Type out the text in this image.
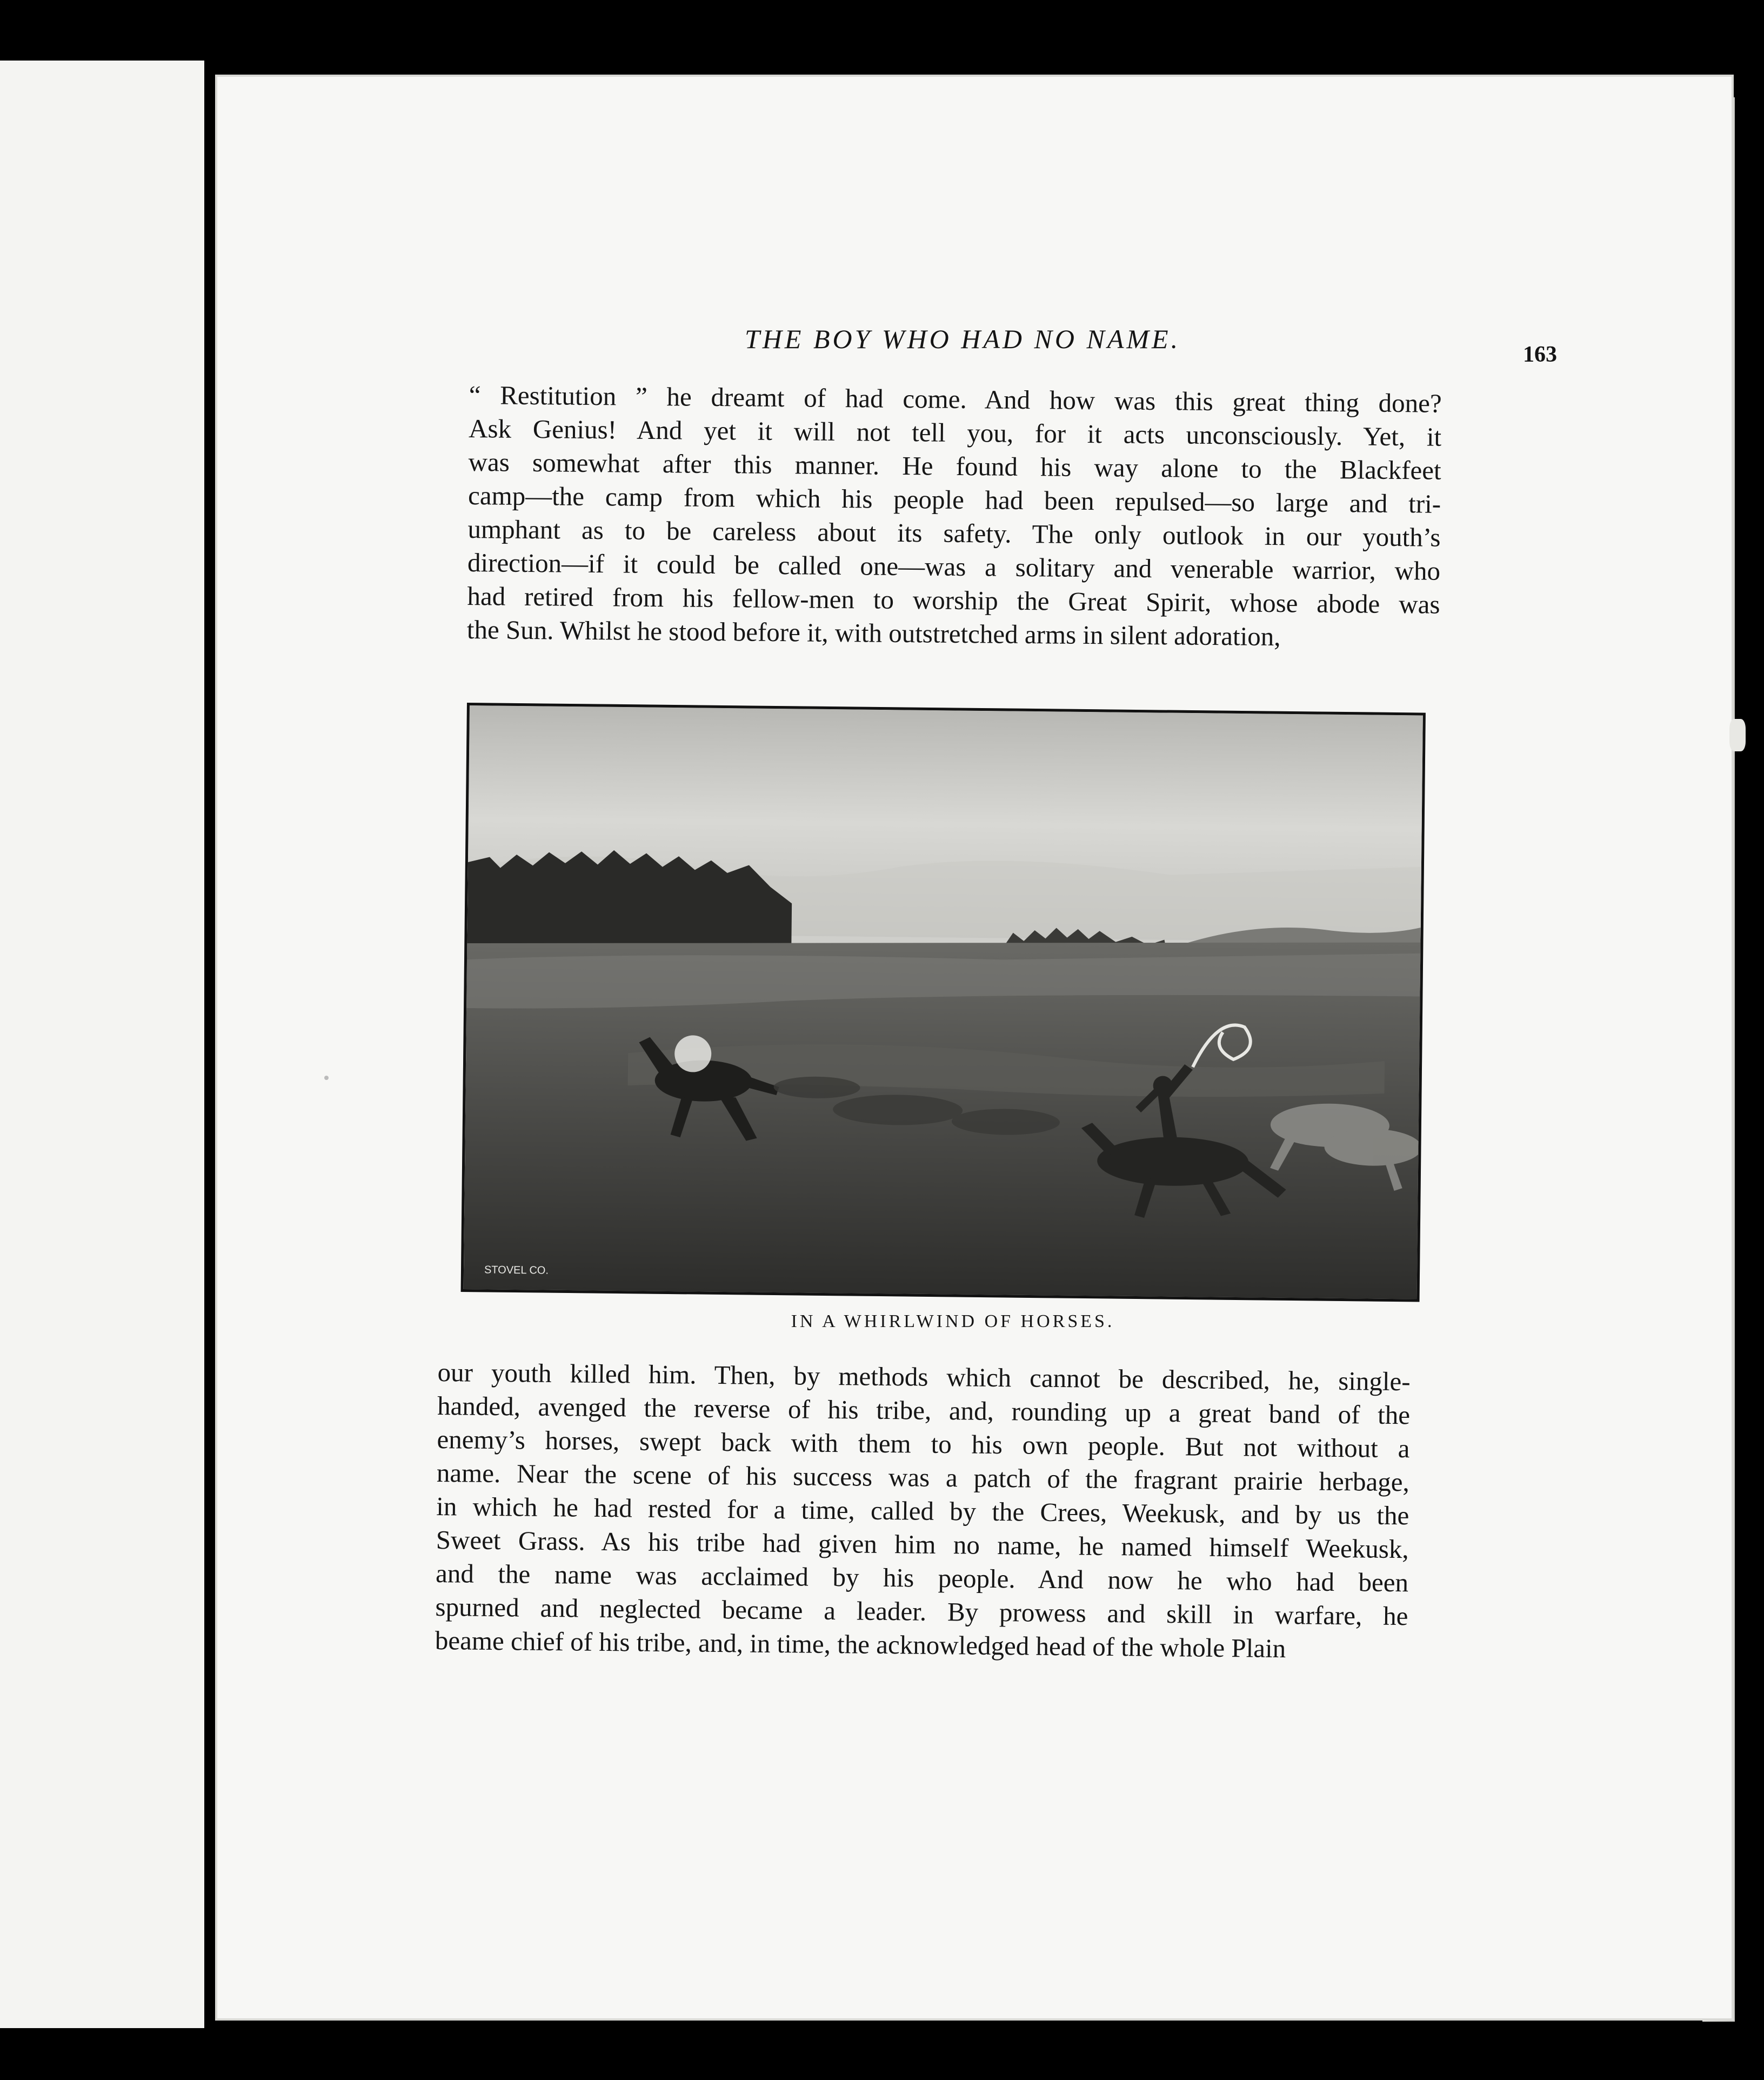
THE BOY WHO HAD NO NAME.
163

“ Restitution ” he dreamt of had come. And how was this great thing done?
Ask Genius! And yet it will not tell you, for it acts unconsciously. Yet, it
was somewhat after this manner. He found his way alone to the Blackfeet
camp—the camp from which his people had been repulsed—so large and tri-
umphant as to be careless about its safety. The only outlook in our youth’s
direction—if it could be called one—was a solitary and venerable warrior, who
had retired from his fellow-men to worship the Great Spirit, whose abode was
the Sun. Whilst he stood before it, with outstretched arms in silent adoration,

STOVEL CO.
IN A WHIRLWIND OF HORSES.

our youth killed him. Then, by methods which cannot be described, he, single-
handed, avenged the reverse of his tribe, and, rounding up a great band of the
enemy’s horses, swept back with them to his own people. But not without a
name. Near the scene of his success was a patch of the fragrant prairie herbage,
in which he had rested for a time, called by the Crees, Weekusk, and by us the
Sweet Grass. As his tribe had given him no name, he named himself Weekusk,
and the name was acclaimed by his people. And now he who had been
spurned and neglected became a leader. By prowess and skill in warfare, he
beame chief of his tribe, and, in time, the acknowledged head of the whole Plain
